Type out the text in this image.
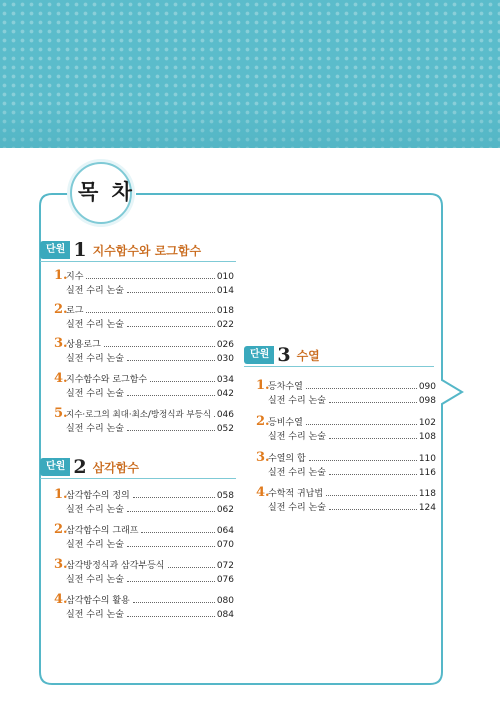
목 차
단원 1 지수함수와 로그함수
1.
지수	010
실전 수리 논술	014
2.
로그	018
실전 수리 논술	022
3.
상용로그	026
실전 수리 논술	030
4.
지수함수와 로그함수	034
실전 수리 논술	042
5.
지수·로그의 최대·최소/방정식과 부등식 046
실전 수리 논술	052
단원 2 삼각함수
1.
삼각함수의 정의	058
실전 수리 논술	062
2.
삼각함수의 그래프	064
실전 수리 논술	070
3.
삼각방정식과 삼각부등식	072
실전 수리 논술	076
4.
삼각함수의 활용	080
실전 수리 논술	084
단원 3 수열
1.
등차수열	090
실전 수리 논술	098
2.
등비수열	102
실전 수리 논술	108
3.
수열의 합	110
실전 수리 논술	116
4.
수학적 귀납법	118
실전 수리 논술	124
